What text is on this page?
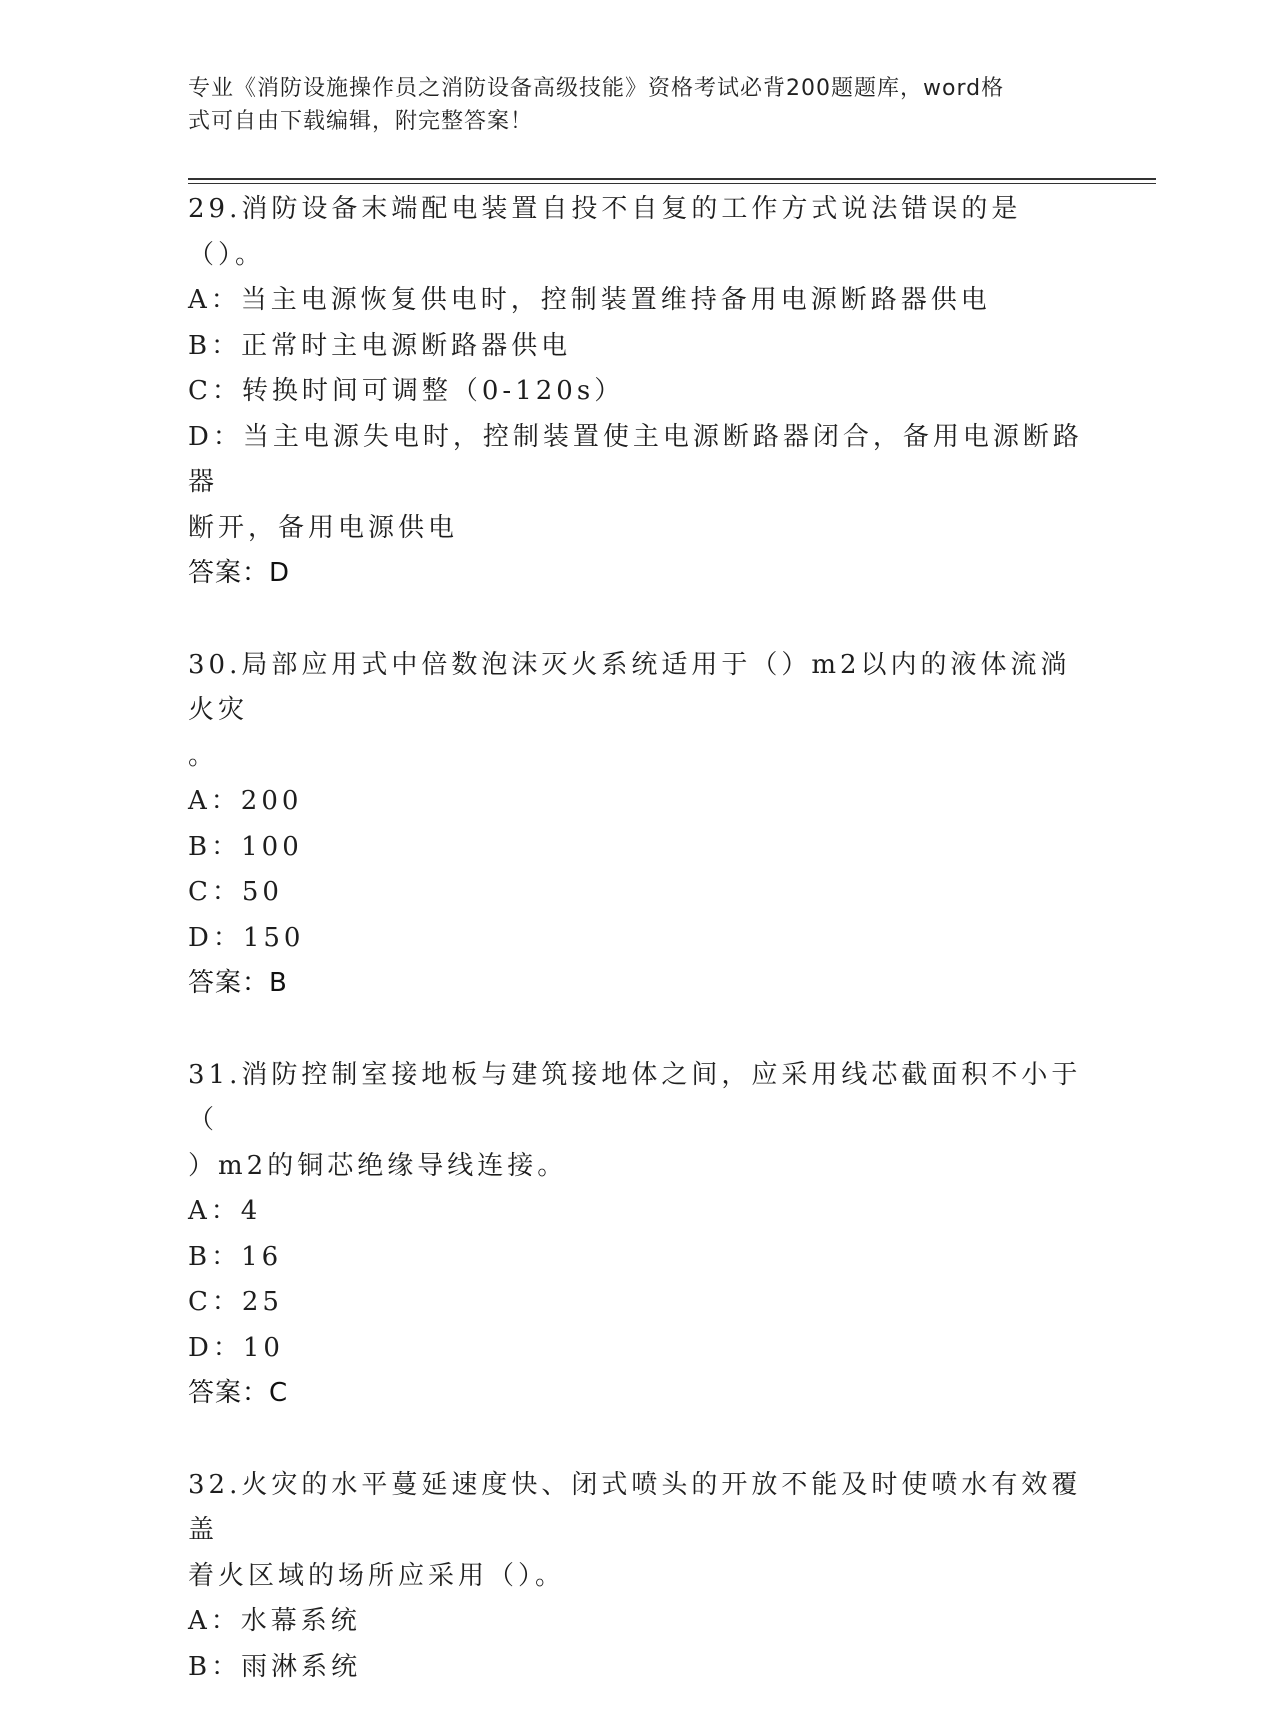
专业《消防设施操作员之消防设备高级技能》资格考试必背200题题库，word格
式可自由下载编辑，附完整答案！
29.消防设备末端配电装置自投不自复的工作方式说法错误的是（）。
A：当主电源恢复供电时，控制装置维持备用电源断路器供电
B：正常时主电源断路器供电
C：转换时间可调整（0-120s）
D：当主电源失电时，控制装置使主电源断路器闭合，备用电源断路器
断开，备用电源供电
答案：D
30.局部应用式中倍数泡沫灭火系统适用于（）m2以内的液体流淌火灾
。
A：200
B：100
C：50
D：150
答案：B
31.消防控制室接地板与建筑接地体之间，应采用线芯截面积不小于（
）m2的铜芯绝缘导线连接。
A：4
B：16
C：25
D：10
答案：C
32.火灾的水平蔓延速度快、闭式喷头的开放不能及时使喷水有效覆盖
着火区域的场所应采用（）。
A：水幕系统
B：雨淋系统
